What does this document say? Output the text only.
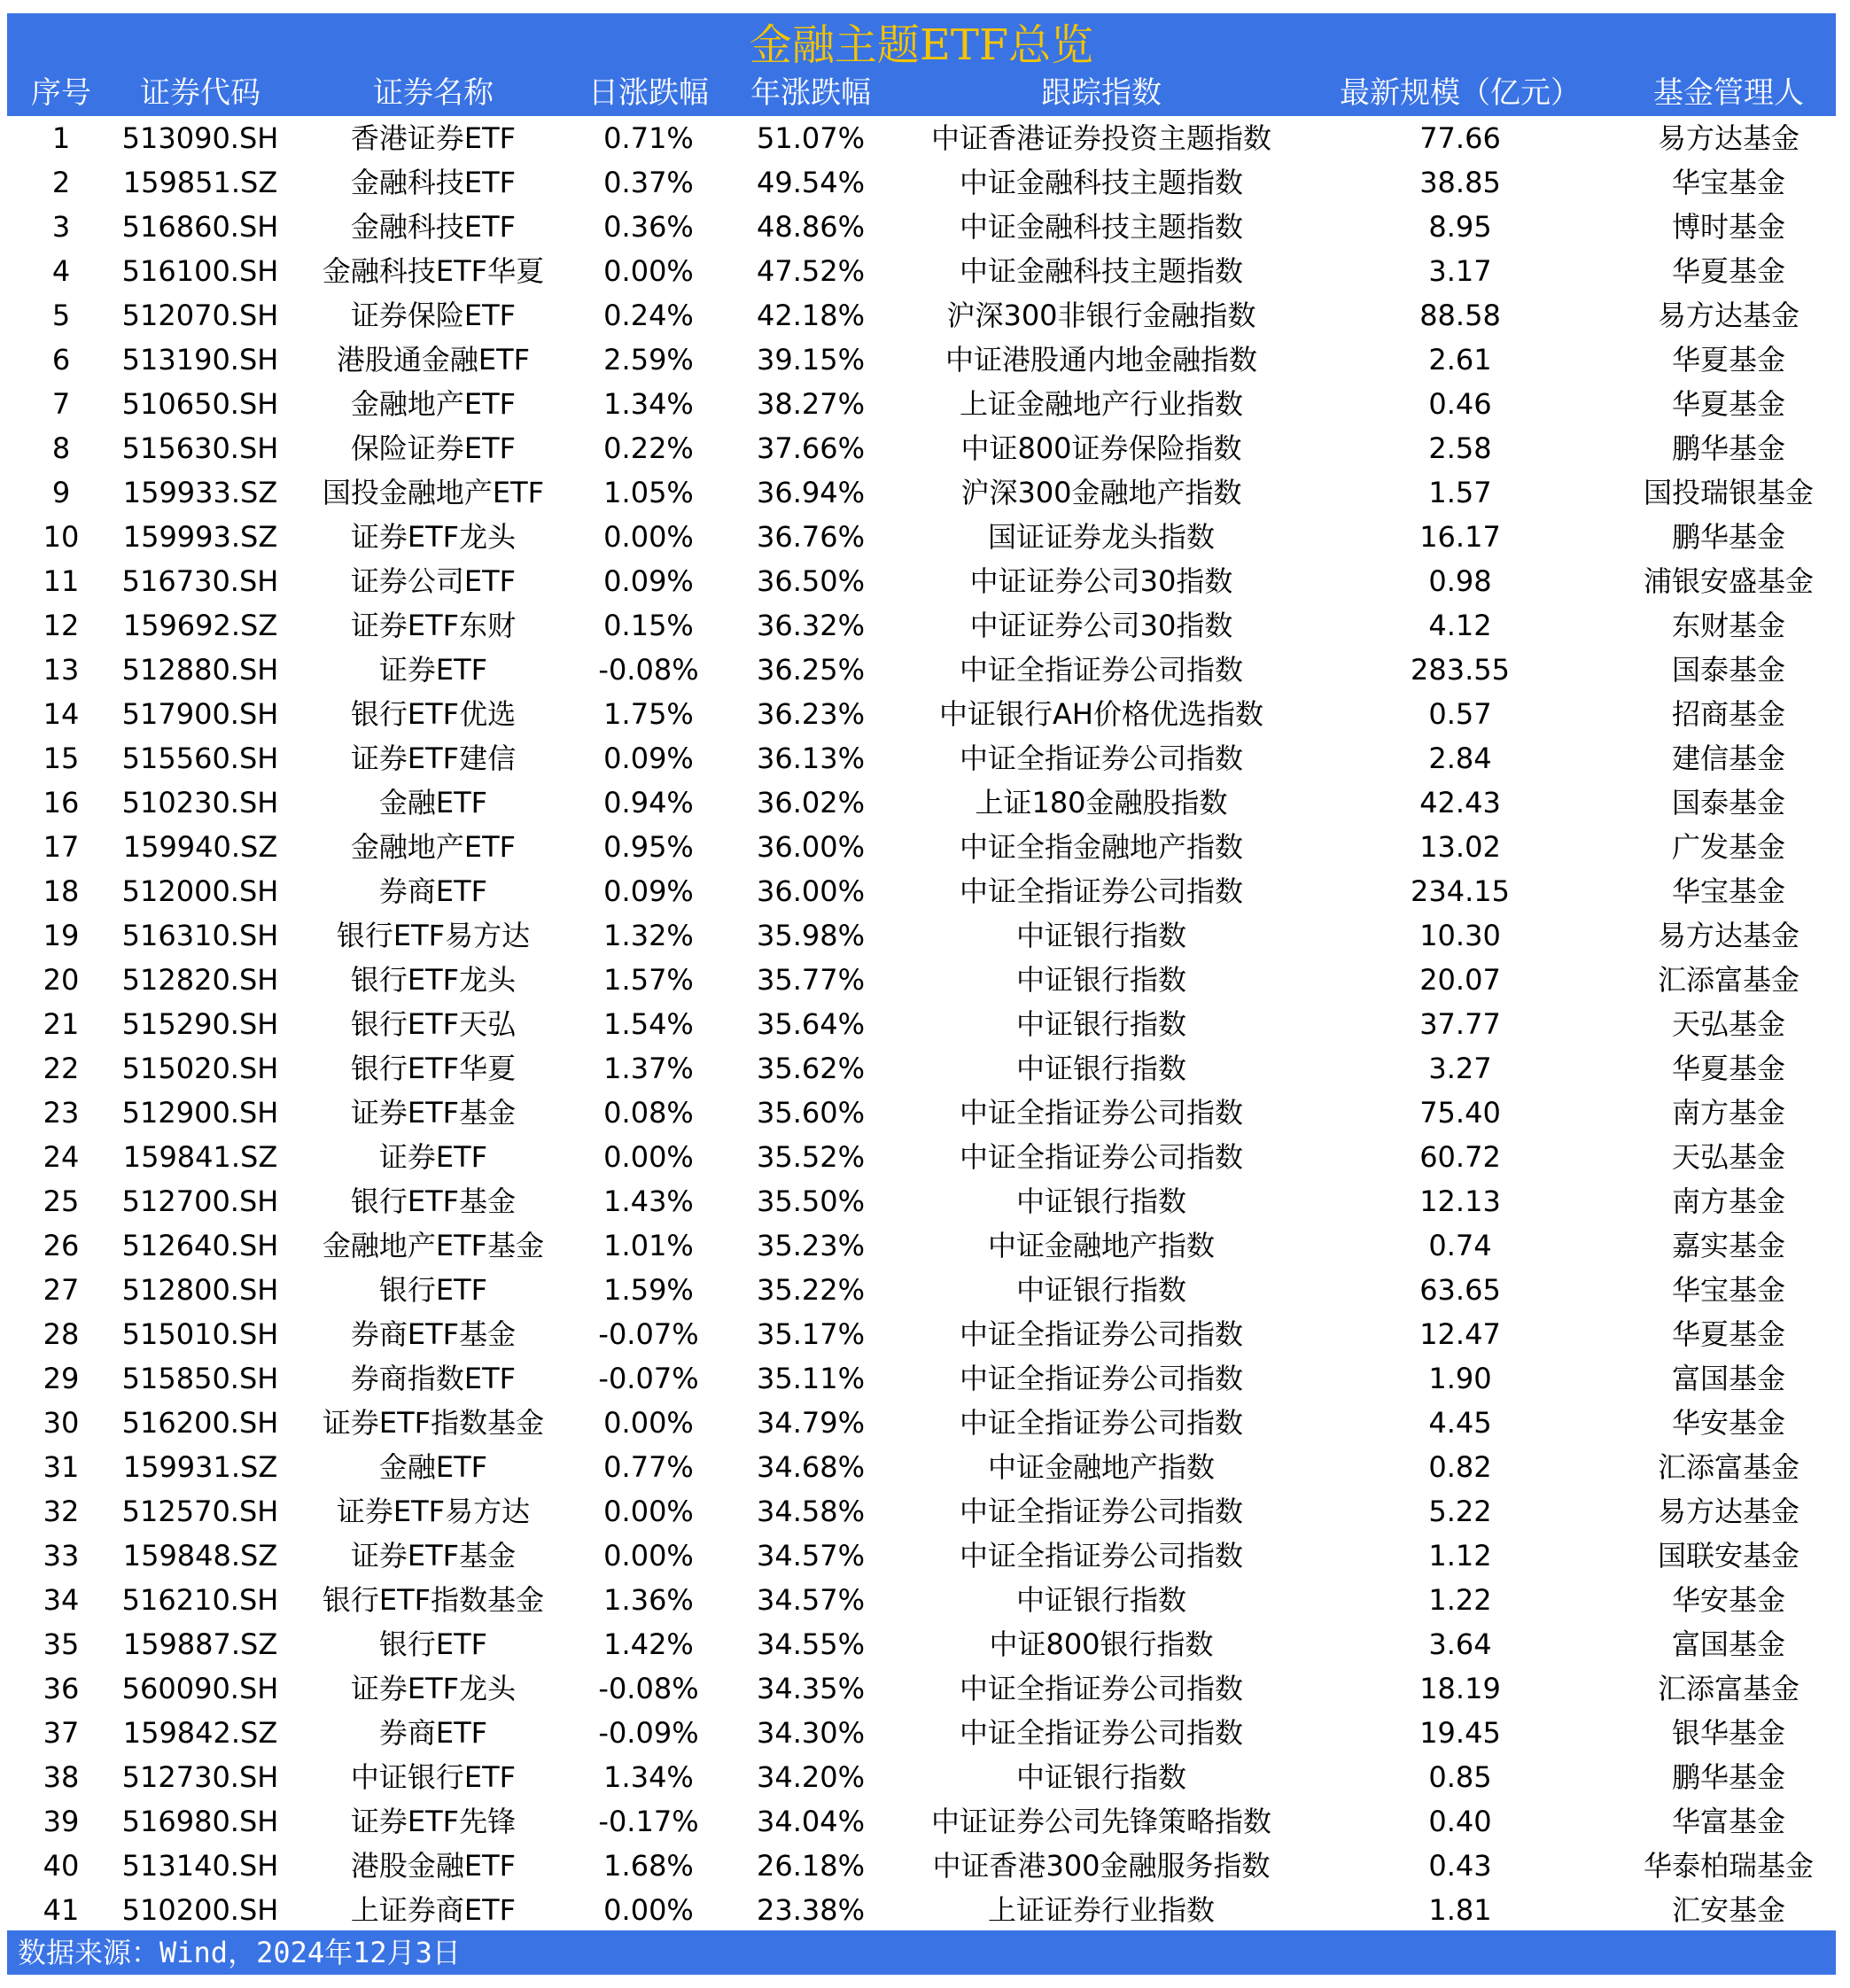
金融主题ETF总览
序号 证券代码	证券名称	日涨跌幅 年涨跌幅	跟踪指数	最新规模（亿元） 基金管理人
1 513090.SH	香港证券ETF	0.71% 51.07% 中证香港证券投资主题指数	77.66	易方达基金
2 159851.SZ	金融科技ETF	0.37% 49.54%	中证金融科技主题指数	38.85	华宝基金
3 516860.SH	金融科技ETF	0.36% 48.86%	中证金融科技主题指数	8.95	博时基金
4 516100.SH 金融科技ETF华夏 0.00% 47.52%	中证金融科技主题指数	3.17	华夏基金
5 512070.SH	证券保险ETF	0.24% 42.18%	沪深300非银行金融指数	88.58	易方达基金
6 513190.SH 港股通金融ETF	2.59% 39.15%	中证港股通内地金融指数	2.61	华夏基金
7 510650.SH	金融地产ETF	1.34% 38.27%	上证金融地产行业指数	0.46	华夏基金
8 515630.SH	保险证券ETF	0.22% 37.66%	中证800证券保险指数	2.58	鹏华基金
9 159933.SZ 国投金融地产ETF 1.05% 36.94%	沪深300金融地产指数	1.57	国投瑞银基金
10 159993.SZ	证券ETF龙头	0.00% 36.76%	国证证券龙头指数	16.17	鹏华基金
11 516730.SH	证券公司ETF	0.09% 36.50%	中证证券公司30指数	0.98	浦银安盛基金
12 159692.SZ	证券ETF东财	0.15% 36.32%	中证证券公司30指数	4.12	东财基金
13 512880.SH	证券ETF	-0.08% 36.25%	中证全指证券公司指数	283.55	国泰基金
14 517900.SH	银行ETF优选	1.75% 36.23%	中证银行AH价格优选指数	0.57	招商基金
15 515560.SH	证券ETF建信	0.09% 36.13%	中证全指证券公司指数	2.84	建信基金
16 510230.SH	金融ETF	0.94% 36.02%	上证180金融股指数	42.43	国泰基金
17 159940.SZ	金融地产ETF	0.95% 36.00%	中证全指金融地产指数	13.02	广发基金
18 512000.SH	券商ETF	0.09% 36.00%	中证全指证券公司指数	234.15	华宝基金
19 516310.SH 银行ETF易方达	1.32% 35.98%	中证银行指数	10.30	易方达基金
20 512820.SH	银行ETF龙头	1.57% 35.77%	中证银行指数	20.07	汇添富基金
21 515290.SH	银行ETF天弘	1.54% 35.64%	中证银行指数	37.77	天弘基金
22 515020.SH	银行ETF华夏	1.37% 35.62%	中证银行指数	3.27	华夏基金
23 512900.SH	证券ETF基金	0.08% 35.60%	中证全指证券公司指数	75.40	南方基金
24 159841.SZ	证券ETF	0.00% 35.52%	中证全指证券公司指数	60.72	天弘基金
25 512700.SH	银行ETF基金	1.43% 35.50%	中证银行指数	12.13	南方基金
26 512640.SH 金融地产ETF基金 1.01% 35.23%	中证金融地产指数	0.74	嘉实基金
27 512800.SH	银行ETF	1.59% 35.22%	中证银行指数	63.65	华宝基金
28 515010.SH	券商ETF基金	-0.07% 35.17%	中证全指证券公司指数	12.47	华夏基金
29 515850.SH	券商指数ETF	-0.07% 35.11%	中证全指证券公司指数	1.90	富国基金
30 516200.SH 证券ETF指数基金 0.00% 34.79%	中证全指证券公司指数	4.45	华安基金
31 159931.SZ	金融ETF	0.77% 34.68%	中证金融地产指数	0.82	汇添富基金
32 512570.SH 证券ETF易方达	0.00% 34.58%	中证全指证券公司指数	5.22	易方达基金
33 159848.SZ	证券ETF基金	0.00% 34.57%	中证全指证券公司指数	1.12	国联安基金
34 516210.SH 银行ETF指数基金 1.36% 34.57%	中证银行指数	1.22	华安基金
35 159887.SZ	银行ETF	1.42% 34.55%	中证800银行指数	3.64	富国基金
36 560090.SH	证券ETF龙头	-0.08% 34.35%	中证全指证券公司指数	18.19	汇添富基金
37 159842.SZ	券商ETF	-0.09% 34.30%	中证全指证券公司指数	19.45	银华基金
38 512730.SH	中证银行ETF	1.34% 34.20%	中证银行指数	0.85	鹏华基金
39 516980.SH	证券ETF先锋	-0.17% 34.04% 中证证券公司先锋策略指数	0.40	华富基金
40 513140.SH	港股金融ETF	1.68% 26.18% 中证香港300金融服务指数	0.43	华泰柏瑞基金
41 510200.SH	上证券商ETF	0.00% 23.38%	上证证券行业指数	1.81	汇安基金
数据来源：Wind，2024年12月3日
